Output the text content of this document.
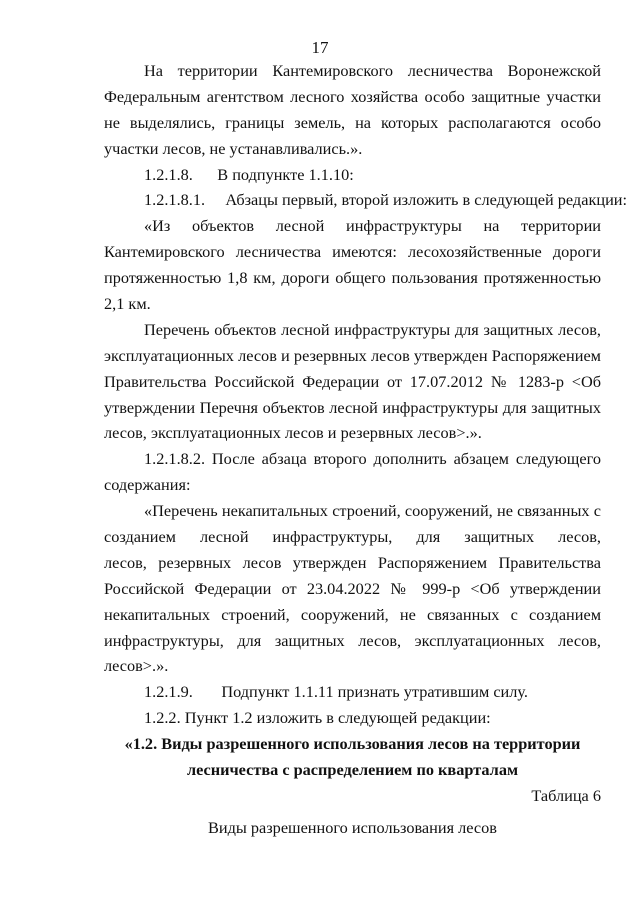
17
На территории Кантемировского лесничества Воронежской
Федеральным агентством лесного хозяйства особо защитные участки
не выделялись, границы земель, на которых располагаются особо
участки лесов, не устанавливались.».
1.2.1.8.      В подпункте 1.1.10:
1.2.1.8.1.     Абзацы первый, второй изложить в следующей редакции:
«Из объектов лесной инфраструктуры на территории
Кантемировского лесничества имеются: лесохозяйственные дороги
протяженностью 1,8 км, дороги общего пользования протяженностью
2,1 км.
Перечень объектов лесной инфраструктуры для защитных лесов,
эксплуатационных лесов и резервных лесов утвержден Распоряжением
Правительства Российской Федерации от 17.07.2012 № 1283-р <Об
утверждении Перечня объектов лесной инфраструктуры для защитных
лесов, эксплуатационных лесов и резервных лесов>.».
1.2.1.8.2. После абзаца второго дополнить абзацем следующего
содержания:
«Перечень некапитальных строений, сооружений, не связанных с
созданием лесной инфраструктуры, для защитных лесов,
лесов, резервных лесов утвержден Распоряжением Правительства
Российской Федерации от 23.04.2022 № 999-р <Об утверждении
некапитальных строений, сооружений, не связанных с созданием
инфраструктуры, для защитных лесов, эксплуатационных лесов,
лесов>.».
1.2.1.9.       Подпункт 1.1.11 признать утратившим силу.
1.2.2. Пункт 1.2 изложить в следующей редакции:
«1.2. Виды разрешенного использования лесов на территории
лесничества с распределением по кварталам
Таблица 6
Виды разрешенного использования лесов
